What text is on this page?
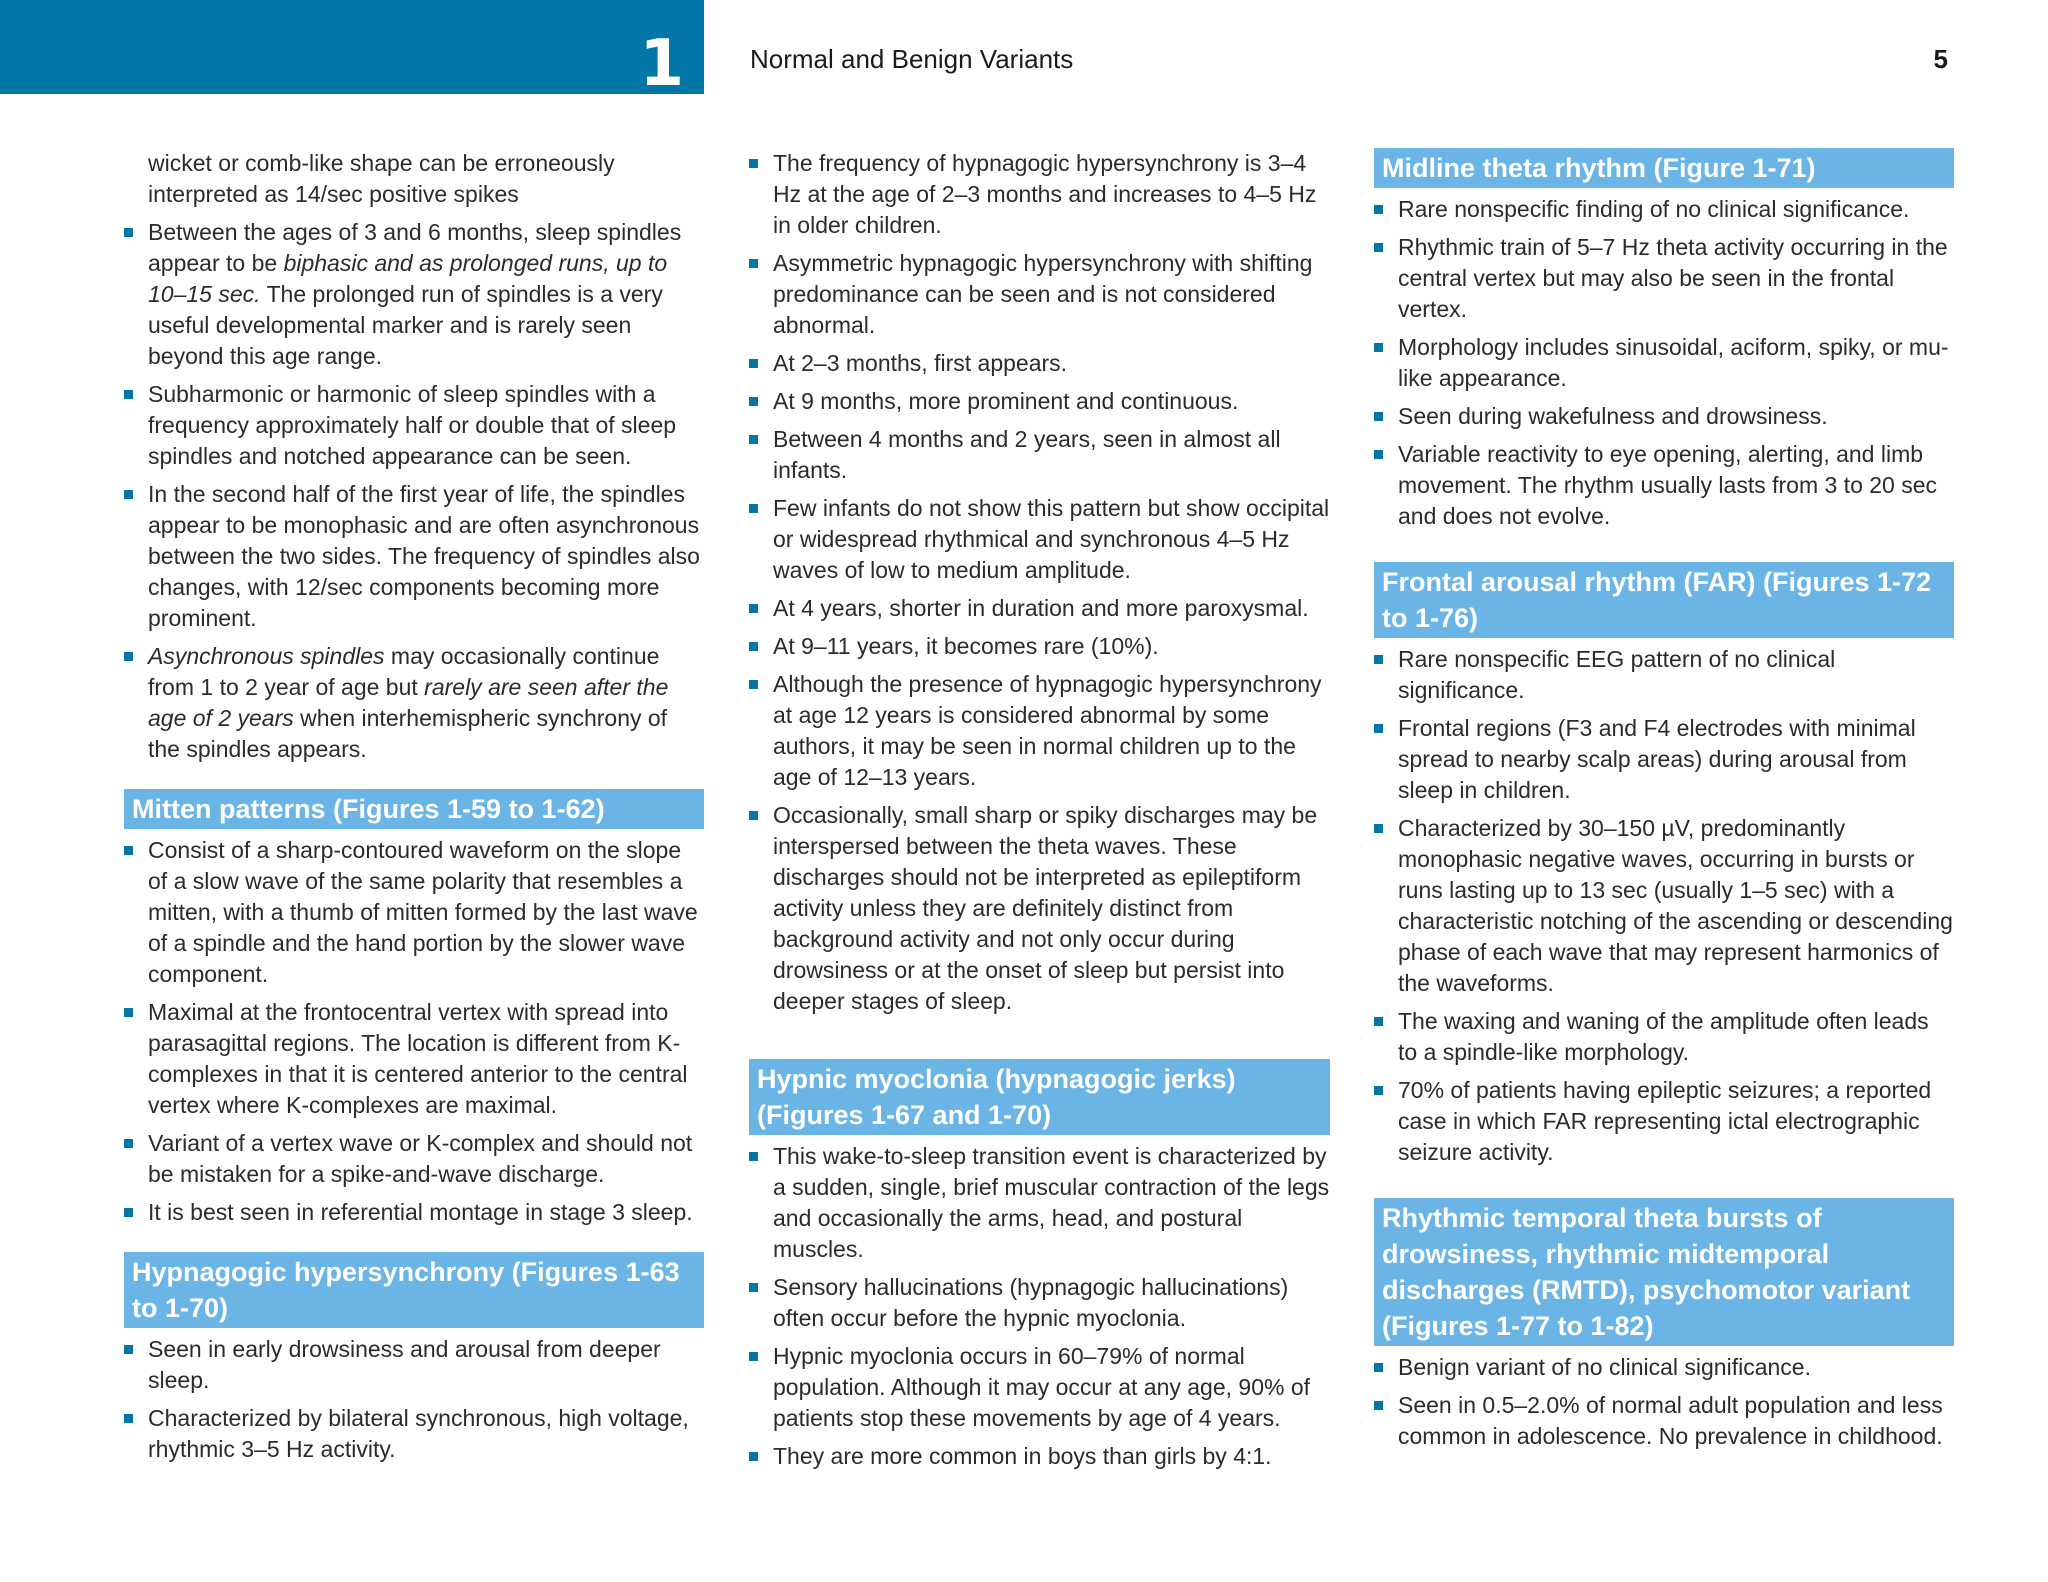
1	Normal and Benign Variants	5
wicket or comb-like shape can be erroneously interpreted as 14/sec positive spikes
Between the ages of 3 and 6 months, sleep spindles appear to be biphasic and as prolonged runs, up to 10–15 sec. The prolonged run of spindles is a very useful developmental marker and is rarely seen beyond this age range.
Subharmonic or harmonic of sleep spindles with a frequency approximately half or double that of sleep spindles and notched appearance can be seen.
In the second half of the first year of life, the spindles appear to be monophasic and are often asynchronous between the two sides. The frequency of spindles also changes, with 12/sec components becoming more prominent.
Asynchronous spindles may occasionally continue from 1 to 2 year of age but rarely are seen after the age of 2 years when interhemispheric synchrony of the spindles appears.
Mitten patterns (Figures 1-59 to 1-62)
Consist of a sharp-contoured waveform on the slope of a slow wave of the same polarity that resembles a mitten, with a thumb of mitten formed by the last wave of a spindle and the hand portion by the slower wave component.
Maximal at the frontocentral vertex with spread into parasagittal regions. The location is different from K-complexes in that it is centered anterior to the central vertex where K-complexes are maximal.
Variant of a vertex wave or K-complex and should not be mistaken for a spike-and-wave discharge.
It is best seen in referential montage in stage 3 sleep.
Hypnagogic hypersynchrony (Figures 1-63 to 1-70)
Seen in early drowsiness and arousal from deeper sleep.
Characterized by bilateral synchronous, high voltage, rhythmic 3–5 Hz activity.
The frequency of hypnagogic hypersynchrony is 3–4 Hz at the age of 2–3 months and increases to 4–5 Hz in older children.
Asymmetric hypnagogic hypersynchrony with shifting predominance can be seen and is not considered abnormal.
At 2–3 months, first appears.
At 9 months, more prominent and continuous.
Between 4 months and 2 years, seen in almost all infants.
Few infants do not show this pattern but show occipital or widespread rhythmical and synchronous 4–5 Hz waves of low to medium amplitude.
At 4 years, shorter in duration and more paroxysmal.
At 9–11 years, it becomes rare (10%).
Although the presence of hypnagogic hypersynchrony at age 12 years is considered abnormal by some authors, it may be seen in normal children up to the age of 12–13 years.
Occasionally, small sharp or spiky discharges may be interspersed between the theta waves. These discharges should not be interpreted as epileptiform activity unless they are definitely distinct from background activity and not only occur during drowsiness or at the onset of sleep but persist into deeper stages of sleep.
Hypnic myoclonia (hypnagogic jerks) (Figures 1-67 and 1-70)
This wake-to-sleep transition event is characterized by a sudden, single, brief muscular contraction of the legs and occasionally the arms, head, and postural muscles.
Sensory hallucinations (hypnagogic hallucinations) often occur before the hypnic myoclonia.
Hypnic myoclonia occurs in 60–79% of normal population. Although it may occur at any age, 90% of patients stop these movements by age of 4 years.
They are more common in boys than girls by 4:1.
Midline theta rhythm (Figure 1-71)
Rare nonspecific finding of no clinical significance.
Rhythmic train of 5–7 Hz theta activity occurring in the central vertex but may also be seen in the frontal vertex.
Morphology includes sinusoidal, aciform, spiky, or mu-like appearance.
Seen during wakefulness and drowsiness.
Variable reactivity to eye opening, alerting, and limb movement. The rhythm usually lasts from 3 to 20 sec and does not evolve.
Frontal arousal rhythm (FAR) (Figures 1-72 to 1-76)
Rare nonspecific EEG pattern of no clinical significance.
Frontal regions (F3 and F4 electrodes with minimal spread to nearby scalp areas) during arousal from sleep in children.
Characterized by 30–150 µV, predominantly monophasic negative waves, occurring in bursts or runs lasting up to 13 sec (usually 1–5 sec) with a characteristic notching of the ascending or descending phase of each wave that may represent harmonics of the waveforms.
The waxing and waning of the amplitude often leads to a spindle-like morphology.
70% of patients having epileptic seizures; a reported case in which FAR representing ictal electrographic seizure activity.
Rhythmic temporal theta bursts of drowsiness, rhythmic midtemporal discharges (RMTD), psychomotor variant (Figures 1-77 to 1-82)
Benign variant of no clinical significance.
Seen in 0.5–2.0% of normal adult population and less common in adolescence. No prevalence in childhood.
